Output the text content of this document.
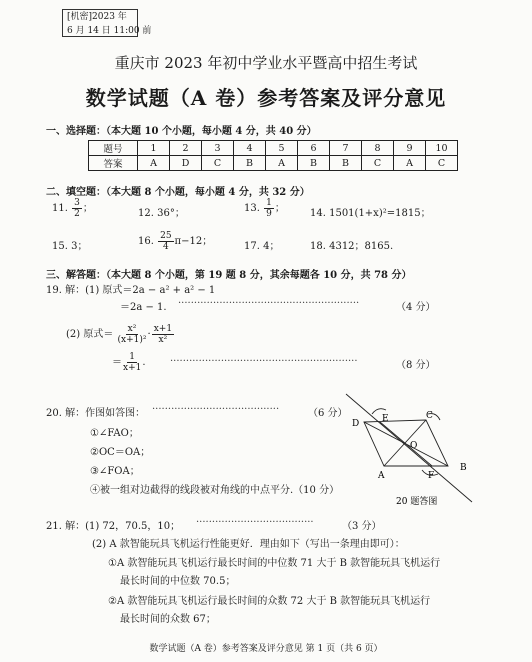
[机密]2023 年
6 月 14 日 11:00 前
重庆市 2023 年初中学业水平暨高中招生考试
数学试题（A 卷）参考答案及评分意见
一、选择题：（本大题 10 个小题，每小题 4 分，共 40 分）
题号	1	2	3	4	5	6	7	8	9	10
答案	A	D	C	B	A	B	B	C	A	C
二、填空题：（本大题 8 个小题，每小题 4 分，共 32 分）
11. $\frac{3}{2}$ ；	12. 36°；	13. $\frac{1}{9}$ ；	14. 1501(1+x)²=1815；
15. 3；	16. $\frac{25}{4} \pi-12$；	17. 4；	18. 4312；8165.
三、解答题：（本大题 8 个小题，第 19 题 8 分，其余每题各 10 分，共 78 分）
19. 解：(1) 原式＝2a − a² + a² − 1
＝2a − 1. ·························································	（4 分）
(2) 原式＝ $\frac{\text{x²}}{\text{(x+1)²}} \cdot \frac{x+1}{\text{x²}}$
＝ $\frac{1}{x+1}$ . ···························································	（8 分）
20. 解：作图如答图： ········································	（6 分）
①∠FAO；
②OC＝OA；
③∠FOA；
④被一组对边截得的线段被对角线的中点平分.（10 分）
D	E	C
O
A	F
B
20 题答图
21. 解：(1) 72，70.5，10； ·····································	（3 分）
(2) A 款智能玩具飞机运行性能更好．理由如下（写出一条理由即可）：
①A 款智能玩具飞机运行最长时间的中位数 71 大于 B 款智能玩具飞机运行
最长时间的中位数 70.5；
②A 款智能玩具飞机运行最长时间的众数 72 大于 B 款智能玩具飞机运行
最长时间的众数 67；
数学试题（A 卷）参考答案及评分意见 第 1 页（共 6 页）
